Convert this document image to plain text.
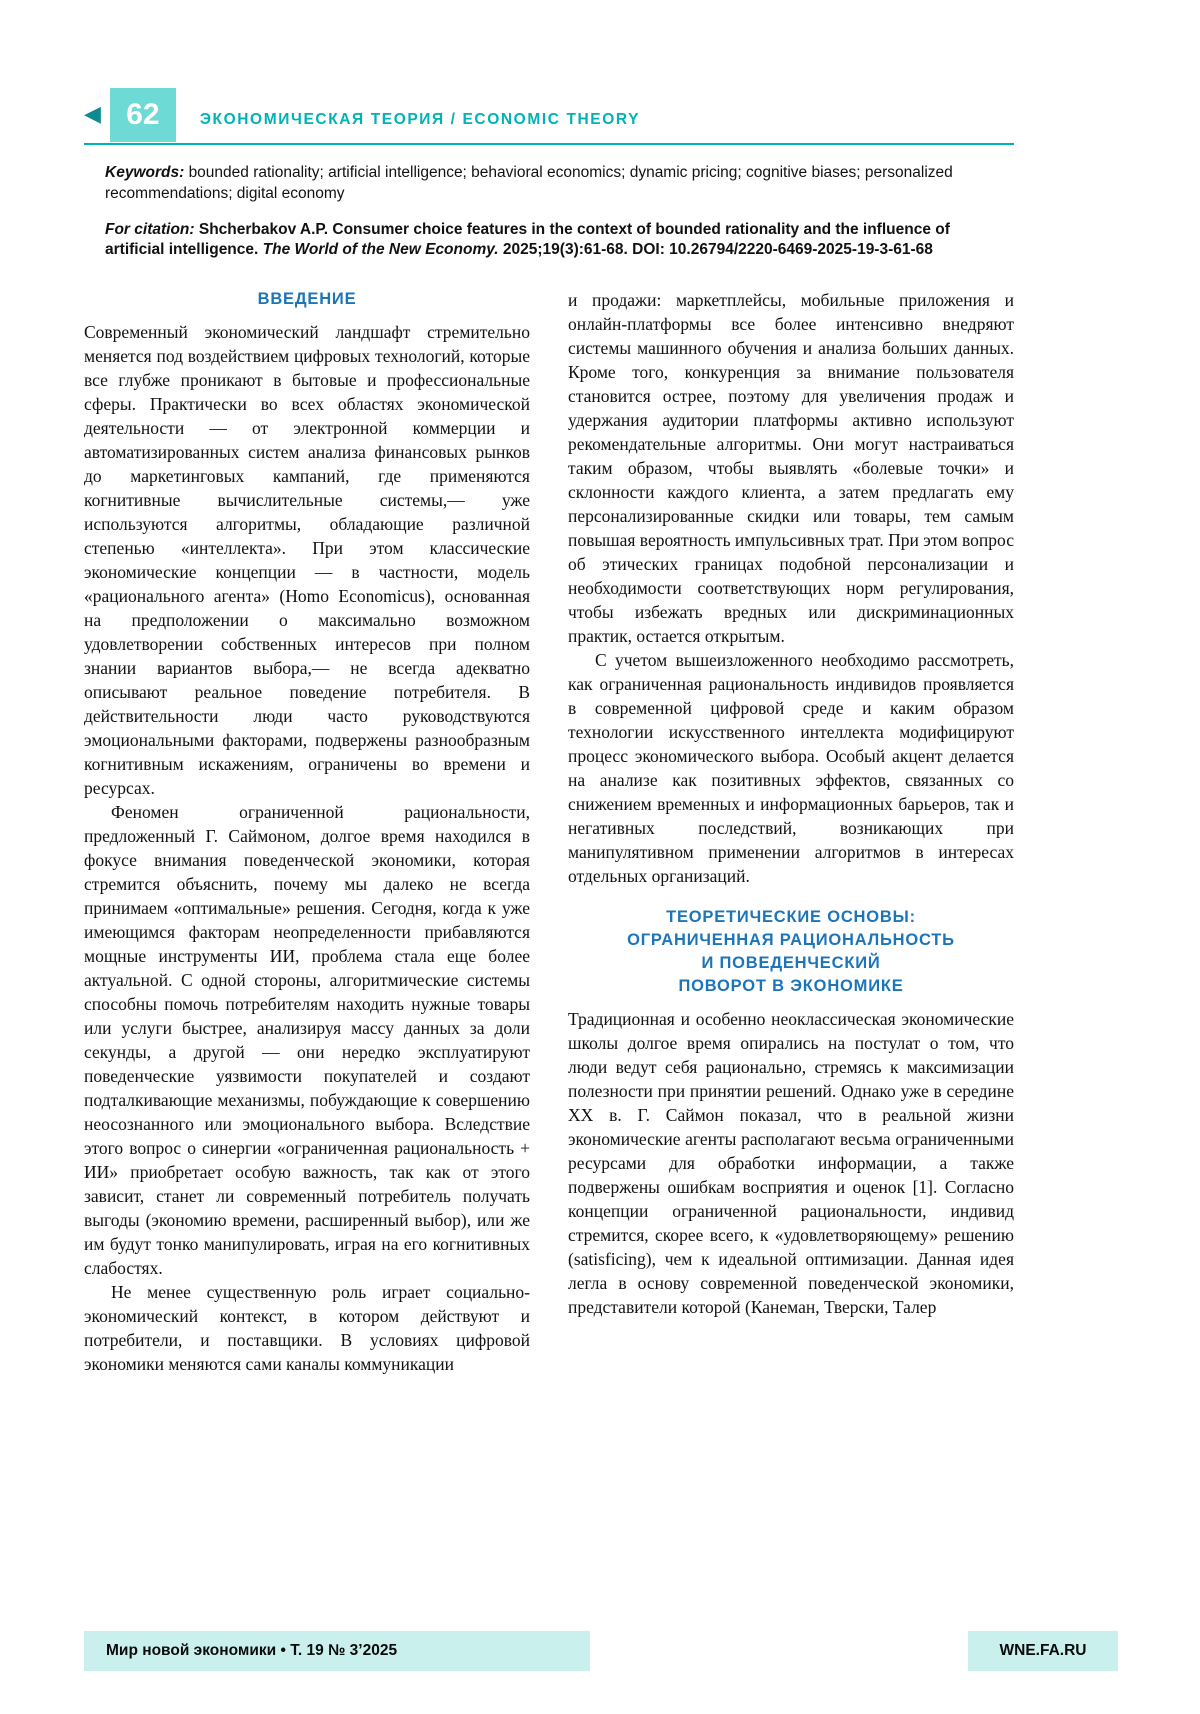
◀ 62	ЭКОНОМИЧЕСКАЯ ТЕОРИЯ / ECONOMIC THEORY

Keywords: bounded rationality; artificial intelligence; behavioral economics; dynamic pricing; cognitive biases; personalized recommendations; digital economy

For citation: Shcherbakov A.P. Consumer choice features in the context of bounded rationality and the influence of artificial intelligence. The World of the New Economy. 2025;19(3):61-68. DOI: 10.26794/2220-6469-2025-19-3-61-68

ВВЕДЕНИЕ

Современный экономический ландшафт стремительно меняется под воздействием цифровых технологий, которые все глубже проникают в бытовые и профессиональные сферы. Практически во всех областях экономической деятельности — от электронной коммерции и автоматизированных систем анализа финансовых рынков до маркетинговых кампаний, где применяются когнитивные вычислительные системы,— уже используются алгоритмы, обладающие различной степенью «интеллекта». При этом классические экономические концепции — в частности, модель «рационального агента» (Homo Economicus), основанная на предположении о максимально возможном удовлетворении собственных интересов при полном знании вариантов выбора,— не всегда адекватно описывают реальное поведение потребителя. В действительности люди часто руководствуются эмоциональными факторами, подвержены разнообразным когнитивным искажениям, ограничены во времени и ресурсах.

Феномен ограниченной рациональности, предложенный Г. Саймоном, долгое время находился в фокусе внимания поведенческой экономики, которая стремится объяснить, почему мы далеко не всегда принимаем «оптимальные» решения. Сегодня, когда к уже имеющимся факторам неопределенности прибавляются мощные инструменты ИИ, проблема стала еще более актуальной. С одной стороны, алгоритмические системы способны помочь потребителям находить нужные товары или услуги быстрее, анализируя массу данных за доли секунды, а другой — они нередко эксплуатируют поведенческие уязвимости покупателей и создают подталкивающие механизмы, побуждающие к совершению неосознанного или эмоционального выбора. Вследствие этого вопрос о синергии «ограниченная рациональность + ИИ» приобретает особую важность, так как от этого зависит, станет ли современный потребитель получать выгоды (экономию времени, расширенный выбор), или же им будут тонко манипулировать, играя на его когнитивных слабостях.

Не менее существенную роль играет социально-экономический контекст, в котором действуют и потребители, и поставщики. В условиях цифровой экономики меняются сами каналы коммуникации

и продажи: маркетплейсы, мобильные приложения и онлайн-платформы все более интенсивно внедряют системы машинного обучения и анализа больших данных. Кроме того, конкуренция за внимание пользователя становится острее, поэтому для увеличения продаж и удержания аудитории платформы активно используют рекомендательные алгоритмы. Они могут настраиваться таким образом, чтобы выявлять «болевые точки» и склонности каждого клиента, а затем предлагать ему персонализированные скидки или товары, тем самым повышая вероятность импульсивных трат. При этом вопрос об этических границах подобной персонализации и необходимости соответствующих норм регулирования, чтобы избежать вредных или дискриминационных практик, остается открытым.

С учетом вышеизложенного необходимо рассмотреть, как ограниченная рациональность индивидов проявляется в современной цифровой среде и каким образом технологии искусственного интеллекта модифицируют процесс экономического выбора. Особый акцент делается на анализе как позитивных эффектов, связанных со снижением временных и информационных барьеров, так и негативных последствий, возникающих при манипулятивном применении алгоритмов в интересах отдельных организаций.

ТЕОРЕТИЧЕСКИЕ ОСНОВЫ:
ОГРАНИЧЕННАЯ РАЦИОНАЛЬНОСТЬ
И ПОВЕДЕНЧЕСКИЙ
ПОВОРОТ В ЭКОНОМИКЕ

Традиционная и особенно неоклассическая экономические школы долгое время опирались на постулат о том, что люди ведут себя рационально, стремясь к максимизации полезности при принятии решений. Однако уже в середине XX в. Г. Саймон показал, что в реальной жизни экономические агенты располагают весьма ограниченными ресурсами для обработки информации, а также подвержены ошибкам восприятия и оценок [1]. Согласно концепции ограниченной рациональности, индивид стремится, скорее всего, к «удовлетворяющему» решению (satisficing), чем к идеальной оптимизации. Данная идея легла в основу современной поведенческой экономики, представители которой (Канеман, Тверски, Талер

Мир новой экономики • Т. 19 № 3’2025	WNE.FA.RU
